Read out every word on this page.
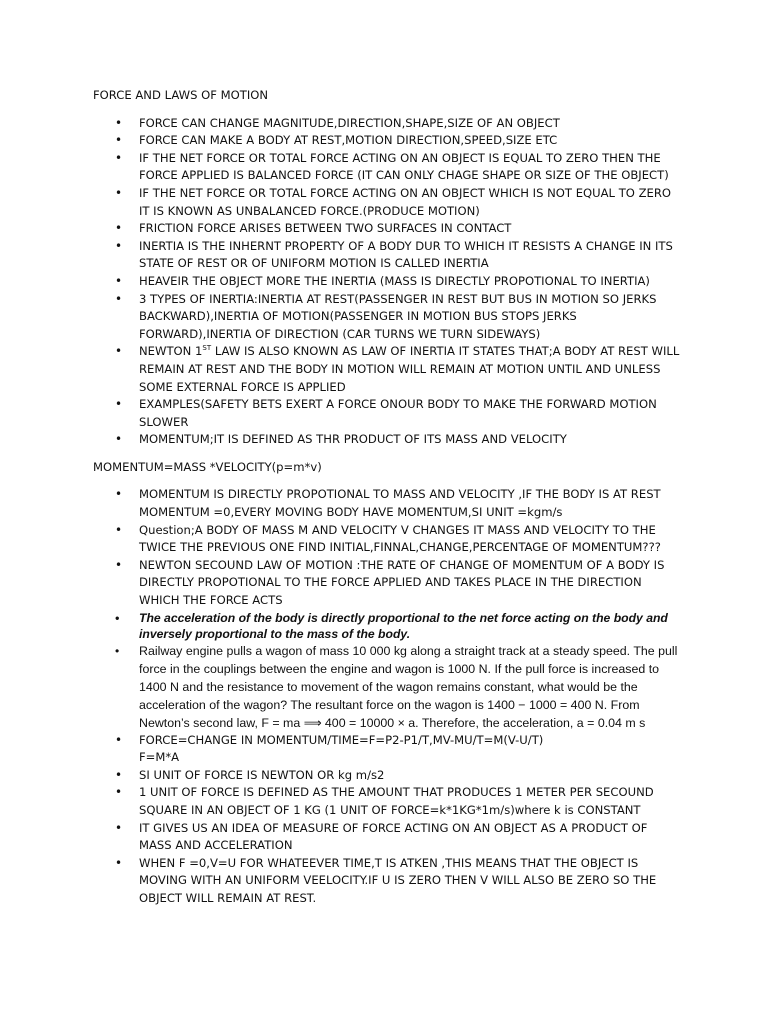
FORCE AND LAWS OF MOTION
• FORCE CAN CHANGE MAGNITUDE,DIRECTION,SHAPE,SIZE OF AN OBJECT
• FORCE CAN MAKE A BODY AT REST,MOTION DIRECTION,SPEED,SIZE ETC
• IF THE NET FORCE OR TOTAL FORCE ACTING ON AN OBJECT IS EQUAL TO ZERO THEN THE FORCE APPLIED IS BALANCED FORCE (IT CAN ONLY CHAGE SHAPE OR SIZE OF THE OBJECT)
• IF THE NET FORCE OR TOTAL FORCE ACTING ON AN OBJECT WHICH IS NOT EQUAL TO ZERO IT IS KNOWN AS UNBALANCED FORCE.(PRODUCE MOTION)
• FRICTION FORCE ARISES BETWEEN TWO SURFACES IN CONTACT
• INERTIA IS THE INHERNT PROPERTY OF A BODY DUR TO WHICH IT RESISTS A CHANGE IN ITS STATE OF REST OR OF UNIFORM MOTION IS CALLED INERTIA
• HEAVEIR THE OBJECT MORE THE INERTIA (MASS IS DIRECTLY PROPOTIONAL TO INERTIA)
• 3 TYPES OF INERTIA:INERTIA AT REST(PASSENGER IN REST BUT BUS IN MOTION SO JERKS BACKWARD),INERTIA OF MOTION(PASSENGER IN MOTION BUS STOPS JERKS FORWARD),INERTIA OF DIRECTION (CAR TURNS WE TURN SIDEWAYS)
• NEWTON 1ST LAW IS ALSO KNOWN AS LAW OF INERTIA IT STATES THAT;A BODY AT REST WILL REMAIN AT REST AND THE BODY IN MOTION WILL REMAIN AT MOTION UNTIL AND UNLESS SOME EXTERNAL FORCE IS APPLIED
• EXAMPLES(SAFETY BETS EXERT A FORCE ONOUR BODY TO MAKE THE FORWARD MOTION SLOWER
• MOMENTUM;IT IS DEFINED AS THR PRODUCT OF ITS MASS AND VELOCITY
MOMENTUM=MASS *VELOCITY(p=m*v)
• MOMENTUM IS DIRECTLY PROPOTIONAL TO MASS AND VELOCITY ,IF THE BODY IS AT REST MOMENTUM =0,EVERY MOVING BODY HAVE MOMENTUM,SI UNIT =kgm/s
• Question;A BODY OF MASS M AND VELOCITY V CHANGES IT MASS AND VELOCITY TO THE TWICE THE PREVIOUS ONE FIND INITIAL,FINNAL,CHANGE,PERCENTAGE OF MOMENTUM???
• NEWTON SECOUND LAW OF MOTION :THE RATE OF CHANGE OF MOMENTUM OF A BODY IS DIRECTLY PROPOTIONAL TO THE FORCE APPLIED AND TAKES PLACE IN THE DIRECTION WHICH THE FORCE ACTS
• The acceleration of the body is directly proportional to the net force acting on the body and inversely proportional to the mass of the body.
• Railway engine pulls a wagon of mass 10 000 kg along a straight track at a steady speed. The pull force in the couplings between the engine and wagon is 1000 N. If the pull force is increased to 1400 N and the resistance to movement of the wagon remains constant, what would be the acceleration of the wagon? The resultant force on the wagon is 1400 − 1000 = 400 N. From Newton’s second law, F = ma ⟹ 400 = 10000 × a. Therefore, the acceleration, a = 0.04 m s
• FORCE=CHANGE IN MOMENTUM/TIME=F=P2-P1/T,MV-MU/T=M(V-U/T)
F=M*A
• SI UNIT OF FORCE IS NEWTON OR kg m/s2
• 1 UNIT OF FORCE IS DEFINED AS THE AMOUNT THAT PRODUCES 1 METER PER SECOUND SQUARE IN AN OBJECT OF 1 KG (1 UNIT OF FORCE=k*1KG*1m/s)where k is CONSTANT
• IT GIVES US AN IDEA OF MEASURE OF FORCE ACTING ON AN OBJECT AS A PRODUCT OF MASS AND ACCELERATION
• WHEN F =0,V=U FOR WHATEEVER TIME,T IS ATKEN ,THIS MEANS THAT THE OBJECT IS MOVING WITH AN UNIFORM VEELOCITY.IF U IS ZERO THEN V WILL ALSO BE ZERO SO THE OBJECT WILL REMAIN AT REST.
